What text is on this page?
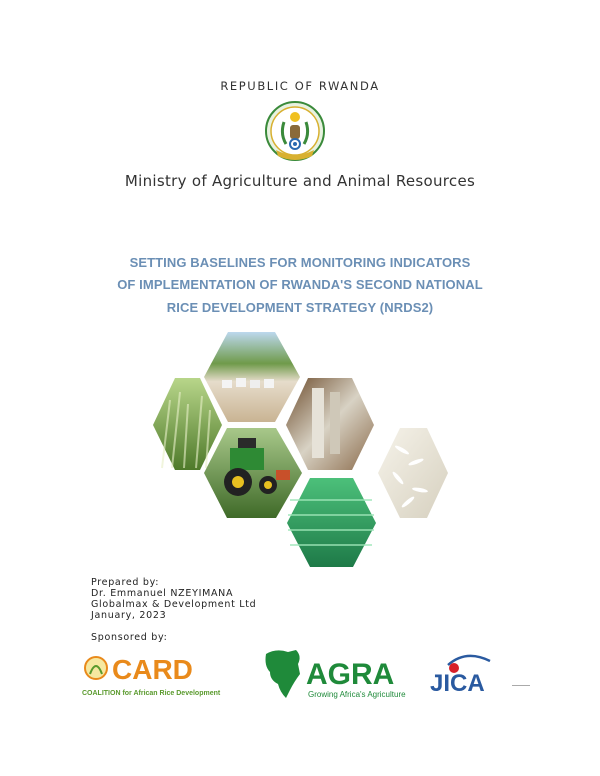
REPUBLIC OF RWANDA
Ministry of Agriculture and Animal Resources
SETTING BASELINES FOR MONITORING INDICATORS
OF IMPLEMENTATION OF RWANDA'S SECOND NATIONAL
RICE DEVELOPMENT STRATEGY (NRDS2)
Prepared by:
Dr. Emmanuel NZEYIMANA
Globalmax & Development Ltd
January, 2023
Sponsored by:
CARD
COALITION for African Rice Development
AGRA
Growing Africa's Agriculture JICA
